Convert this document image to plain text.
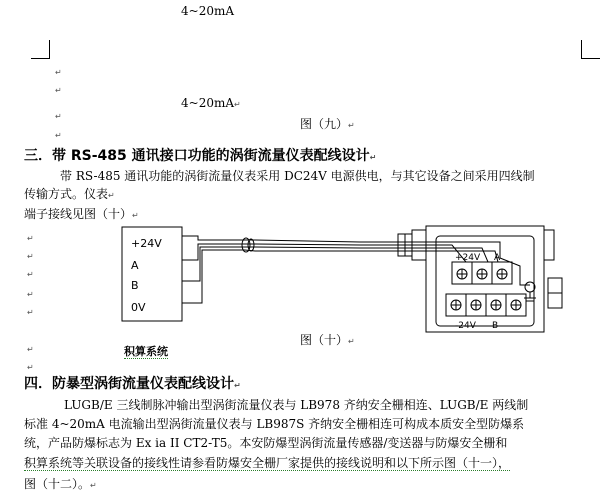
4~20mA
↵
↵
4~20mA↵
↵
图（九）↵
↵
三．带 RS-485 通讯接口功能的涡街流量仪表配线设计↵
带 RS-485 通讯功能的涡街流量仪表采用 DC24V 电源供电，与其它设备之间采用四线制
传输方式。仪表↵
端子接线见图（十）↵
↵
↵
↵
↵
↵
↵
↵
+24V
A
B
0V
+24V A
-24V B
图（十）↵
积算系统
四．防暴型涡街流量仪表配线设计↵
LUGB/E 三线制脉冲输出型涡街流量仪表与 LB978 齐纳安全栅相连、LUGB/E 两线制
标准 4~20mA 电流输出型涡街流量仪表与 LB987S 齐纳安全栅相连可构成本质安全型防爆系
统，产品防爆标志为 Ex ia II CT2-T5。本安防爆型涡街流量传感器/变送器与防爆安全栅和
积算系统等关联设备的接线性请参看防爆安全栅厂家提供的接线说明和以下所示图（十一），
图（十二）。↵
